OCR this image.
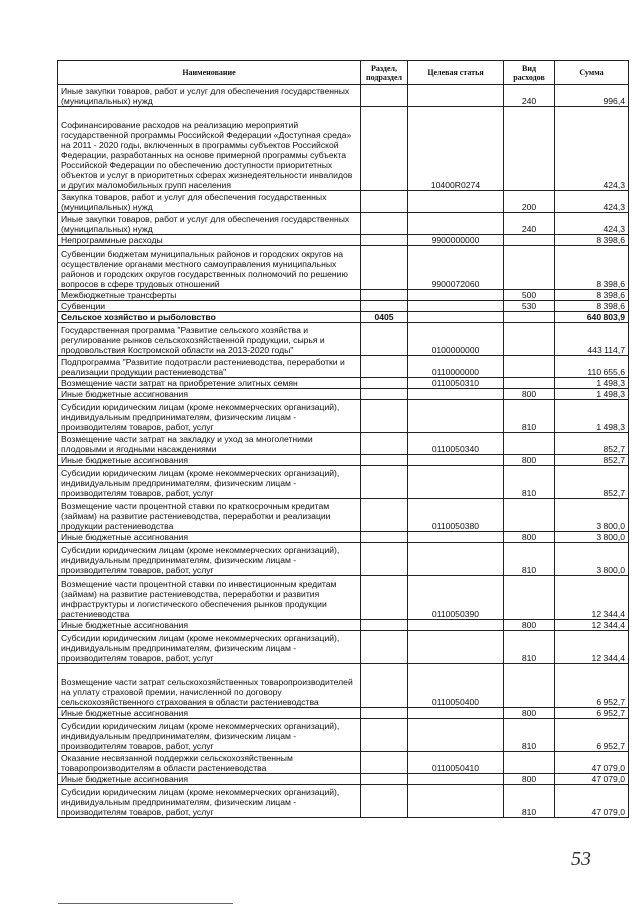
Наименование	Раздел, подраздел	Целевая статья	Вид расходов	Сумма
Иные закупки товаров, работ и услуг для обеспечения государственных (муниципальных) нужд			240	996,4
Софинансирование расходов на реализацию мероприятий государственной программы Российской Федерации «Доступная среда» на 2011 - 2020 годы, включенных в программы субъектов Российской Федерации, разработанных на основе примерной программы субъекта Российской Федерации по обеспечению доступности приоритетных объектов и услуг в приоритетных сферах жизнедеятельности инвалидов и других маломобильных групп населения		10400R0274		424,3
Закупка товаров, работ и услуг для обеспечения государственных (муниципальных) нужд			200	424,3
Иные закупки товаров, работ и услуг для обеспечения государственных (муниципальных) нужд			240	424,3
Непрограммные расходы		9900000000		8 398,6
Субвенции бюджетам муниципальных районов и городских округов на осуществление органами местного самоуправления муниципальных районов и городских округов государственных полномочий по решению вопросов в сфере трудовых отношений		9900072060		8 398,6
Межбюджетные трансферты			500	8 398,6
Субвенции			530	8 398,6
Сельское хозяйство и рыболовство	0405			640 803,9
Государственная программа "Развитие сельского хозяйства и регулирование рынков сельскохозяйственной продукции, сырья и продовольствия Костромской области на 2013-2020 годы"		0100000000		443 114,7
Подпрограмма "Развитие подотрасли растениеводства, переработки и реализации продукции растениеводства"		0110000000		110 655,6
Возмещение части затрат на приобретение элитных семян		0110050310		1 498,3
Иные бюджетные ассигнования			800	1 498,3
Субсидии юридическим лицам (кроме некоммерческих организаций), индивидуальным предпринимателям, физическим лицам - производителям товаров, работ, услуг			810	1 498,3
Возмещение части затрат на закладку и уход за многолетними плодовыми и ягодными насаждениями		0110050340		852,7
Иные бюджетные ассигнования			800	852,7
Субсидии юридическим лицам (кроме некоммерческих организаций), индивидуальным предпринимателям, физическим лицам - производителям товаров, работ, услуг			810	852,7
Возмещение части процентной ставки по краткосрочным кредитам (займам) на развитие растениеводства, переработки и реализации продукции растениеводства		0110050380		3 800,0
Иные бюджетные ассигнования			800	3 800,0
Субсидии юридическим лицам (кроме некоммерческих организаций), индивидуальным предпринимателям, физическим лицам - производителям товаров, работ, услуг			810	3 800,0
Возмещение части процентной ставки по инвестиционным кредитам (займам) на развитие растениеводства, переработки и развития инфраструктуры и логистического обеспечения рынков продукции растениеводства		0110050390		12 344,4
Иные бюджетные ассигнования			800	12 344,4
Субсидии юридическим лицам (кроме некоммерческих организаций), индивидуальным предпринимателям, физическим лицам - производителям товаров, работ, услуг			810	12 344,4
Возмещение части затрат сельскохозяйственных товаропроизводителей на уплату страховой премии, начисленной по договору сельскохозяйственного страхования в области растениеводства		0110050400		6 952,7
Иные бюджетные ассигнования			800	6 952,7
Субсидии юридическим лицам (кроме некоммерческих организаций), индивидуальным предпринимателям, физическим лицам - производителям товаров, работ, услуг			810	6 952,7
Оказание несвязанной поддержки сельскохозяйственным товаропроизводителям в области растениеводства		0110050410		47 079,0
Иные бюджетные ассигнования			800	47 079,0
Субсидии юридическим лицам (кроме некоммерческих организаций), индивидуальным предпринимателям, физическим лицам - производителям товаров, работ, услуг			810	47 079,0
53
